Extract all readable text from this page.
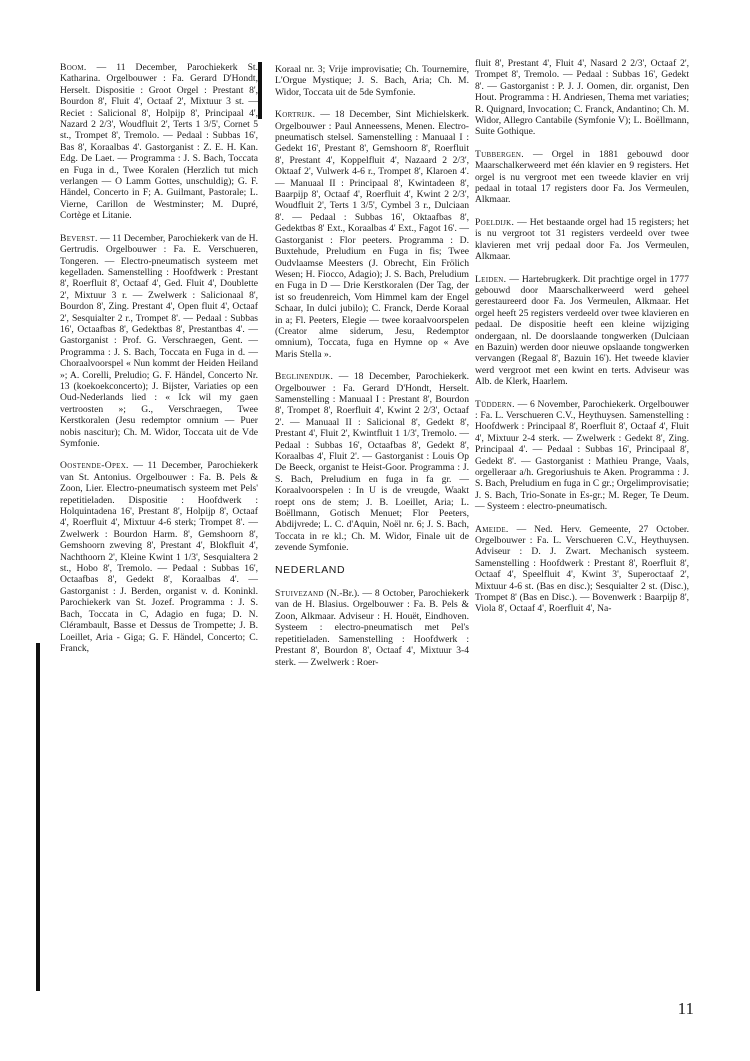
Boom. — 11 December, Parochiekerk St. Katharina. Orgelbouwer : Fa. Gerard D'Hondt, Herselt. Dispositie : Groot Orgel : Prestant 8', Bourdon 8', Fluit 4', Octaaf 2', Mixtuur 3 st. — Reciet : Salicional 8', Holpijp 8', Principaal 4', Nazard 2 2/3', Woudfluit 2', Terts 1 3/5', Cornet 5 st., Trompet 8', Tremolo. — Pedaal : Subbas 16', Bas 8', Koraalbas 4'. Gastorganist : Z. E. H. Kan. Edg. De Laet. — Programma : J. S. Bach, Toccata en Fuga in d., Twee Koralen (Herzlich tut mich verlangen — O Lamm Gottes, unschuldig); G. F. Händel, Concerto in F; A. Guilmant, Pastorale; L. Vierne, Carillon de Westminster; M. Dupré, Cortège et Litanie.

Beverst. — 11 December, Parochiekerk van de H. Gertrudis. Orgelbouwer : Fa. E. Verschueren, Tongeren. — Electro-pneumatisch systeem met kegelladen. Samenstelling : Hoofdwerk : Prestant 8', Roerfluit 8', Octaaf 4', Ged. Fluit 4', Doublette 2', Mixtuur 3 r. — Zwelwerk : Salicionaal 8', Bourdon 8', Zing. Prestant 4', Open fluit 4', Octaaf 2', Sesquialter 2 r., Trompet 8'. — Pedaal : Subbas 16', Octaafbas 8', Gedektbas 8', Prestantbas 4'. — Gastorganist : Prof. G. Verschraegen, Gent. — Programma : J. S. Bach, Toccata en Fuga in d. — Choraalvoorspel « Nun kommt der Heiden Heiland »; A. Corelli, Preludio; G. F. Händel, Concerto Nr. 13 (koekoekconcerto); J. Bijster, Variaties op een Oud-Nederlands lied : « Ick wil my gaen vertroosten »; G., Verschraegen, Twee Kerstkoralen (Jesu redemptor omnium — Puer nobis nascitur); Ch. M. Widor, Toccata uit de Vde Symfonie.

Oostende-Opex. — 11 December, Parochiekerk van St. Antonius. Orgelbouwer : Fa. B. Pels & Zoon, Lier. Electro-pneumatisch systeem met Pels' repetitieladen. Dispositie : Hoofdwerk : Holquintadena 16', Prestant 8', Holpijp 8', Octaaf 4', Roerfluit 4', Mixtuur 4-6 sterk; Trompet 8'. — Zwelwerk : Bourdon Harm. 8', Gemshoorn 8', Gemshoorn zweving 8', Prestant 4', Blokfluit 4', Nachthoorn 2', Kleine Kwint 1 1/3', Sesquialtera 2 st., Hobo 8', Tremolo. — Pedaal : Subbas 16', Octaafbas 8', Gedekt 8', Koraalbas 4'. — Gastorganist : J. Berden, organist v. d. Koninkl. Parochiekerk van St. Jozef. Programma : J. S. Bach, Toccata in C, Adagio en fuga; D. N. Clérambault, Basse et Dessus de Trompette; J. B. Loeillet, Aria - Giga; G. F. Händel, Concerto; C. Franck,

Koraal nr. 3; Vrije improvisatie; Ch. Tournemire, L'Orgue Mystique; J. S. Bach, Aria; Ch. M. Widor, Toccata uit de 5de Symfonie.

Kortrijk. — 18 December, Sint Michielskerk. Orgelbouwer : Paul Anneessens, Menen. Electro-pneumatisch stelsel. Samenstelling : Manuaal I : Gedekt 16', Prestant 8', Gemshoorn 8', Roerfluit 8', Prestant 4', Koppelfluit 4', Nazaard 2 2/3', Oktaaf 2', Vulwerk 4-6 r., Trompet 8', Klaroen 4'. — Manuaal II : Principaal 8', Kwintadeen 8', Baarpijp 8', Octaaf 4', Roerfluit 4', Kwint 2 2/3', Woudfluit 2', Terts 1 3/5', Cymbel 3 r., Dulciaan 8'. — Pedaal : Subbas 16', Oktaafbas 8', Gedektbas 8' Ext., Koraalbas 4' Ext., Fagot 16'. — Gastorganist : Flor peeters. Programma : D. Buxtehude, Preludium en Fuga in fis; Twee Oudvlaamse Meesters (J. Obrecht, Ein Frölich Wesen; H. Fiocco, Adagio); J. S. Bach, Preludium en Fuga in D — Drie Kerstkoralen (Der Tag, der ist so freudenreich, Vom Himmel kam der Engel Schaar, In dulci jubilo); C. Franck, Derde Koraal in a; Fl. Peeters, Elegie — twee koraalvoorspelen (Creator alme siderum, Jesu, Redemptor omnium), Toccata, fuga en Hymne op « Ave Maris Stella ».

Beglinendijk. — 18 December, Parochiekerk. Orgelbouwer : Fa. Gerard D'Hondt, Herselt. Samenstelling : Manuaal I : Prestant 8', Bourdon 8', Trompet 8', Roerfluit 4', Kwint 2 2/3', Octaaf 2'. — Manuaal II : Salicional 8', Gedekt 8', Prestant 4', Fluit 2', Kwintfluit 1 1/3', Tremolo. — Pedaal : Subbas 16', Octaafbas 8', Gedekt 8', Koraalbas 4', Fluit 2'. — Gastorganist : Louis Op De Beeck, organist te Heist-Goor. Programma : J. S. Bach, Preludium en fuga in fa gr. — Koraalvoorspelen : In U is de vreugde, Waakt roept ons de stem; J. B. Loeillet, Aria; L. Boëllmann, Gotisch Menuet; Flor Peeters, Abdijvrede; L. C. d'Aquin, Noël nr. 6; J. S. Bach, Toccata in re kl.; Ch. M. Widor, Finale uit de zevende Symfonie.

NEDERLAND

Stuivezand (N.-Br.). — 8 October, Parochiekerk van de H. Blasius. Orgelbouwer : Fa. B. Pels & Zoon, Alkmaar. Adviseur : H. Houët, Eindhoven. Systeem : electro-pneumatisch met Pel's repetitieladen. Samenstelling : Hoofdwerk : Prestant 8', Bourdon 8', Octaaf 4', Mixtuur 3-4 sterk. — Zwelwerk : Roer-

fluit 8', Prestant 4', Fluit 4', Nasard 2 2/3', Octaaf 2', Trompet 8', Tremolo. — Pedaal : Subbas 16', Gedekt 8'. — Gastorganist : P. J. J. Oomen, dir. organist, Den Hout. Programma : H. Andriesen, Thema met variaties; R. Quignard, Invocation; C. Franck, Andantino; Ch. M. Widor, Allegro Cantabile (Symfonie V); L. Boëllmann, Suite Gothique.

Tubbergen. — Orgel in 1881 gebouwd door Maarschalkerweerd met één klavier en 9 registers. Het orgel is nu vergroot met een tweede klavier en vrij pedaal in totaal 17 registers door Fa. Jos Vermeulen, Alkmaar.

Poeldijk. — Het bestaande orgel had 15 registers; het is nu vergroot tot 31 registers verdeeld over twee klavieren met vrij pedaal door Fa. Jos Vermeulen, Alkmaar.

Leiden. — Hartebrugkerk. Dit prachtige orgel in 1777 gebouwd door Maarschalkerweerd werd geheel gerestaureerd door Fa. Jos Vermeulen, Alkmaar. Het orgel heeft 25 registers verdeeld over twee klavieren en pedaal. De dispositie heeft een kleine wijziging ondergaan, nl. De doorslaande tongwerken (Dulciaan en Bazuin) werden door nieuwe opslaande tongwerken vervangen (Regaal 8', Bazuin 16'). Het tweede klavier werd vergroot met een kwint en terts. Adviseur was Alb. de Klerk, Haarlem.

Tüddern. — 6 November, Parochiekerk. Orgelbouwer : Fa. L. Verschueren C.V., Heythuysen. Samenstelling : Hoofdwerk : Principaal 8', Roerfluit 8', Octaaf 4', Fluit 4', Mixtuur 2-4 sterk. — Zwelwerk : Gedekt 8', Zing. Principaal 4'. — Pedaal : Subbas 16', Principaal 8', Gedekt 8'. — Gastorganist : Mathieu Prange, Vaals, orgelleraar a/h. Gregoriushuis te Aken. Programma : J. S. Bach, Preludium en fuga in C gr.; Orgelimprovisatie; J. S. Bach, Trio-Sonate in Es-gr.; M. Reger, Te Deum. — Systeem : electro-pneumatisch.

Ameide. — Ned. Herv. Gemeente, 27 October. Orgelbouwer : Fa. L. Verschueren C.V., Heythuysen. Adviseur : D. J. Zwart. Mechanisch systeem. Samenstelling : Hoofdwerk : Prestant 8', Roerfluit 8', Octaaf 4', Speelfluit 4', Kwint 3', Superoctaaf 2', Mixtuur 4-6 st. (Bas en disc.); Sesquialter 2 st. (Disc.), Trompet 8' (Bas en Disc.). — Bovenwerk : Baarpijp 8', Viola 8', Octaaf 4', Roerfluit 4', Na-

11
